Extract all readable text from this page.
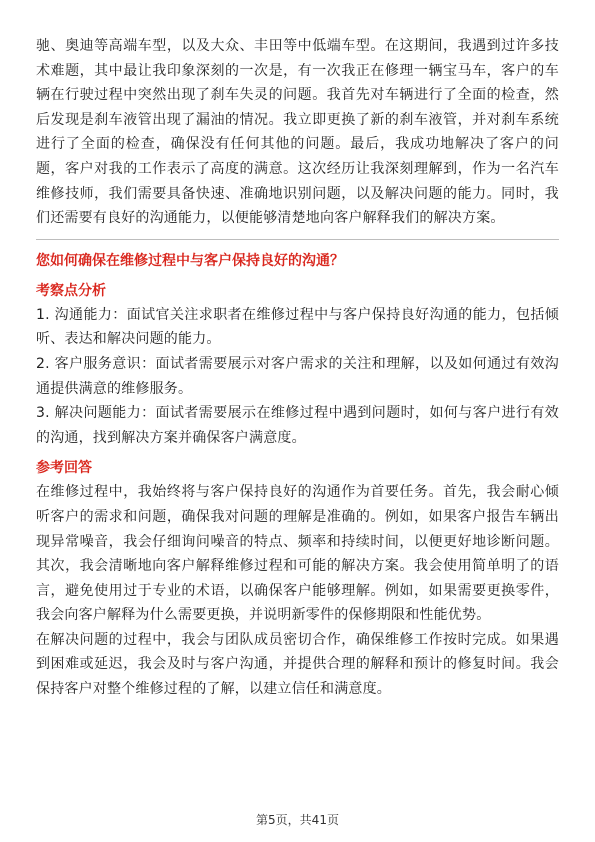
驰、奥迪等高端车型，以及大众、丰田等中低端车型。在这期间，我遇到过许多技术难题，其中最让我印象深刻的一次是，有一次我正在修理一辆宝马车，客户的车辆在行驶过程中突然出现了刹车失灵的问题。我首先对车辆进行了全面的检查，然后发现是刹车液管出现了漏油的情况。我立即更换了新的刹车液管，并对刹车系统进行了全面的检查，确保没有任何其他的问题。最后，我成功地解决了客户的问题，客户对我的工作表示了高度的满意。这次经历让我深刻理解到，作为一名汽车维修技师，我们需要具备快速、准确地识别问题，以及解决问题的能力。同时，我们还需要有良好的沟通能力，以便能够清楚地向客户解释我们的解决方案。

您如何确保在维修过程中与客户保持良好的沟通？

考察点分析

1. 沟通能力：面试官关注求职者在维修过程中与客户保持良好沟通的能力，包括倾听、表达和解决问题的能力。

2. 客户服务意识：面试者需要展示对客户需求的关注和理解，以及如何通过有效沟通提供满意的维修服务。

3. 解决问题能力：面试者需要展示在维修过程中遇到问题时，如何与客户进行有效的沟通，找到解决方案并确保客户满意度。

参考回答

在维修过程中，我始终将与客户保持良好的沟通作为首要任务。首先，我会耐心倾听客户的需求和问题，确保我对问题的理解是准确的。例如，如果客户报告车辆出现异常噪音，我会仔细询问噪音的特点、频率和持续时间，以便更好地诊断问题。其次，我会清晰地向客户解释维修过程和可能的解决方案。我会使用简单明了的语言，避免使用过于专业的术语，以确保客户能够理解。例如，如果需要更换零件，我会向客户解释为什么需要更换，并说明新零件的保修期限和性能优势。

在解决问题的过程中，我会与团队成员密切合作，确保维修工作按时完成。如果遇到困难或延迟，我会及时与客户沟通，并提供合理的解释和预计的修复时间。我会保持客户对整个维修过程的了解，以建立信任和满意度。

第5页，共41页
